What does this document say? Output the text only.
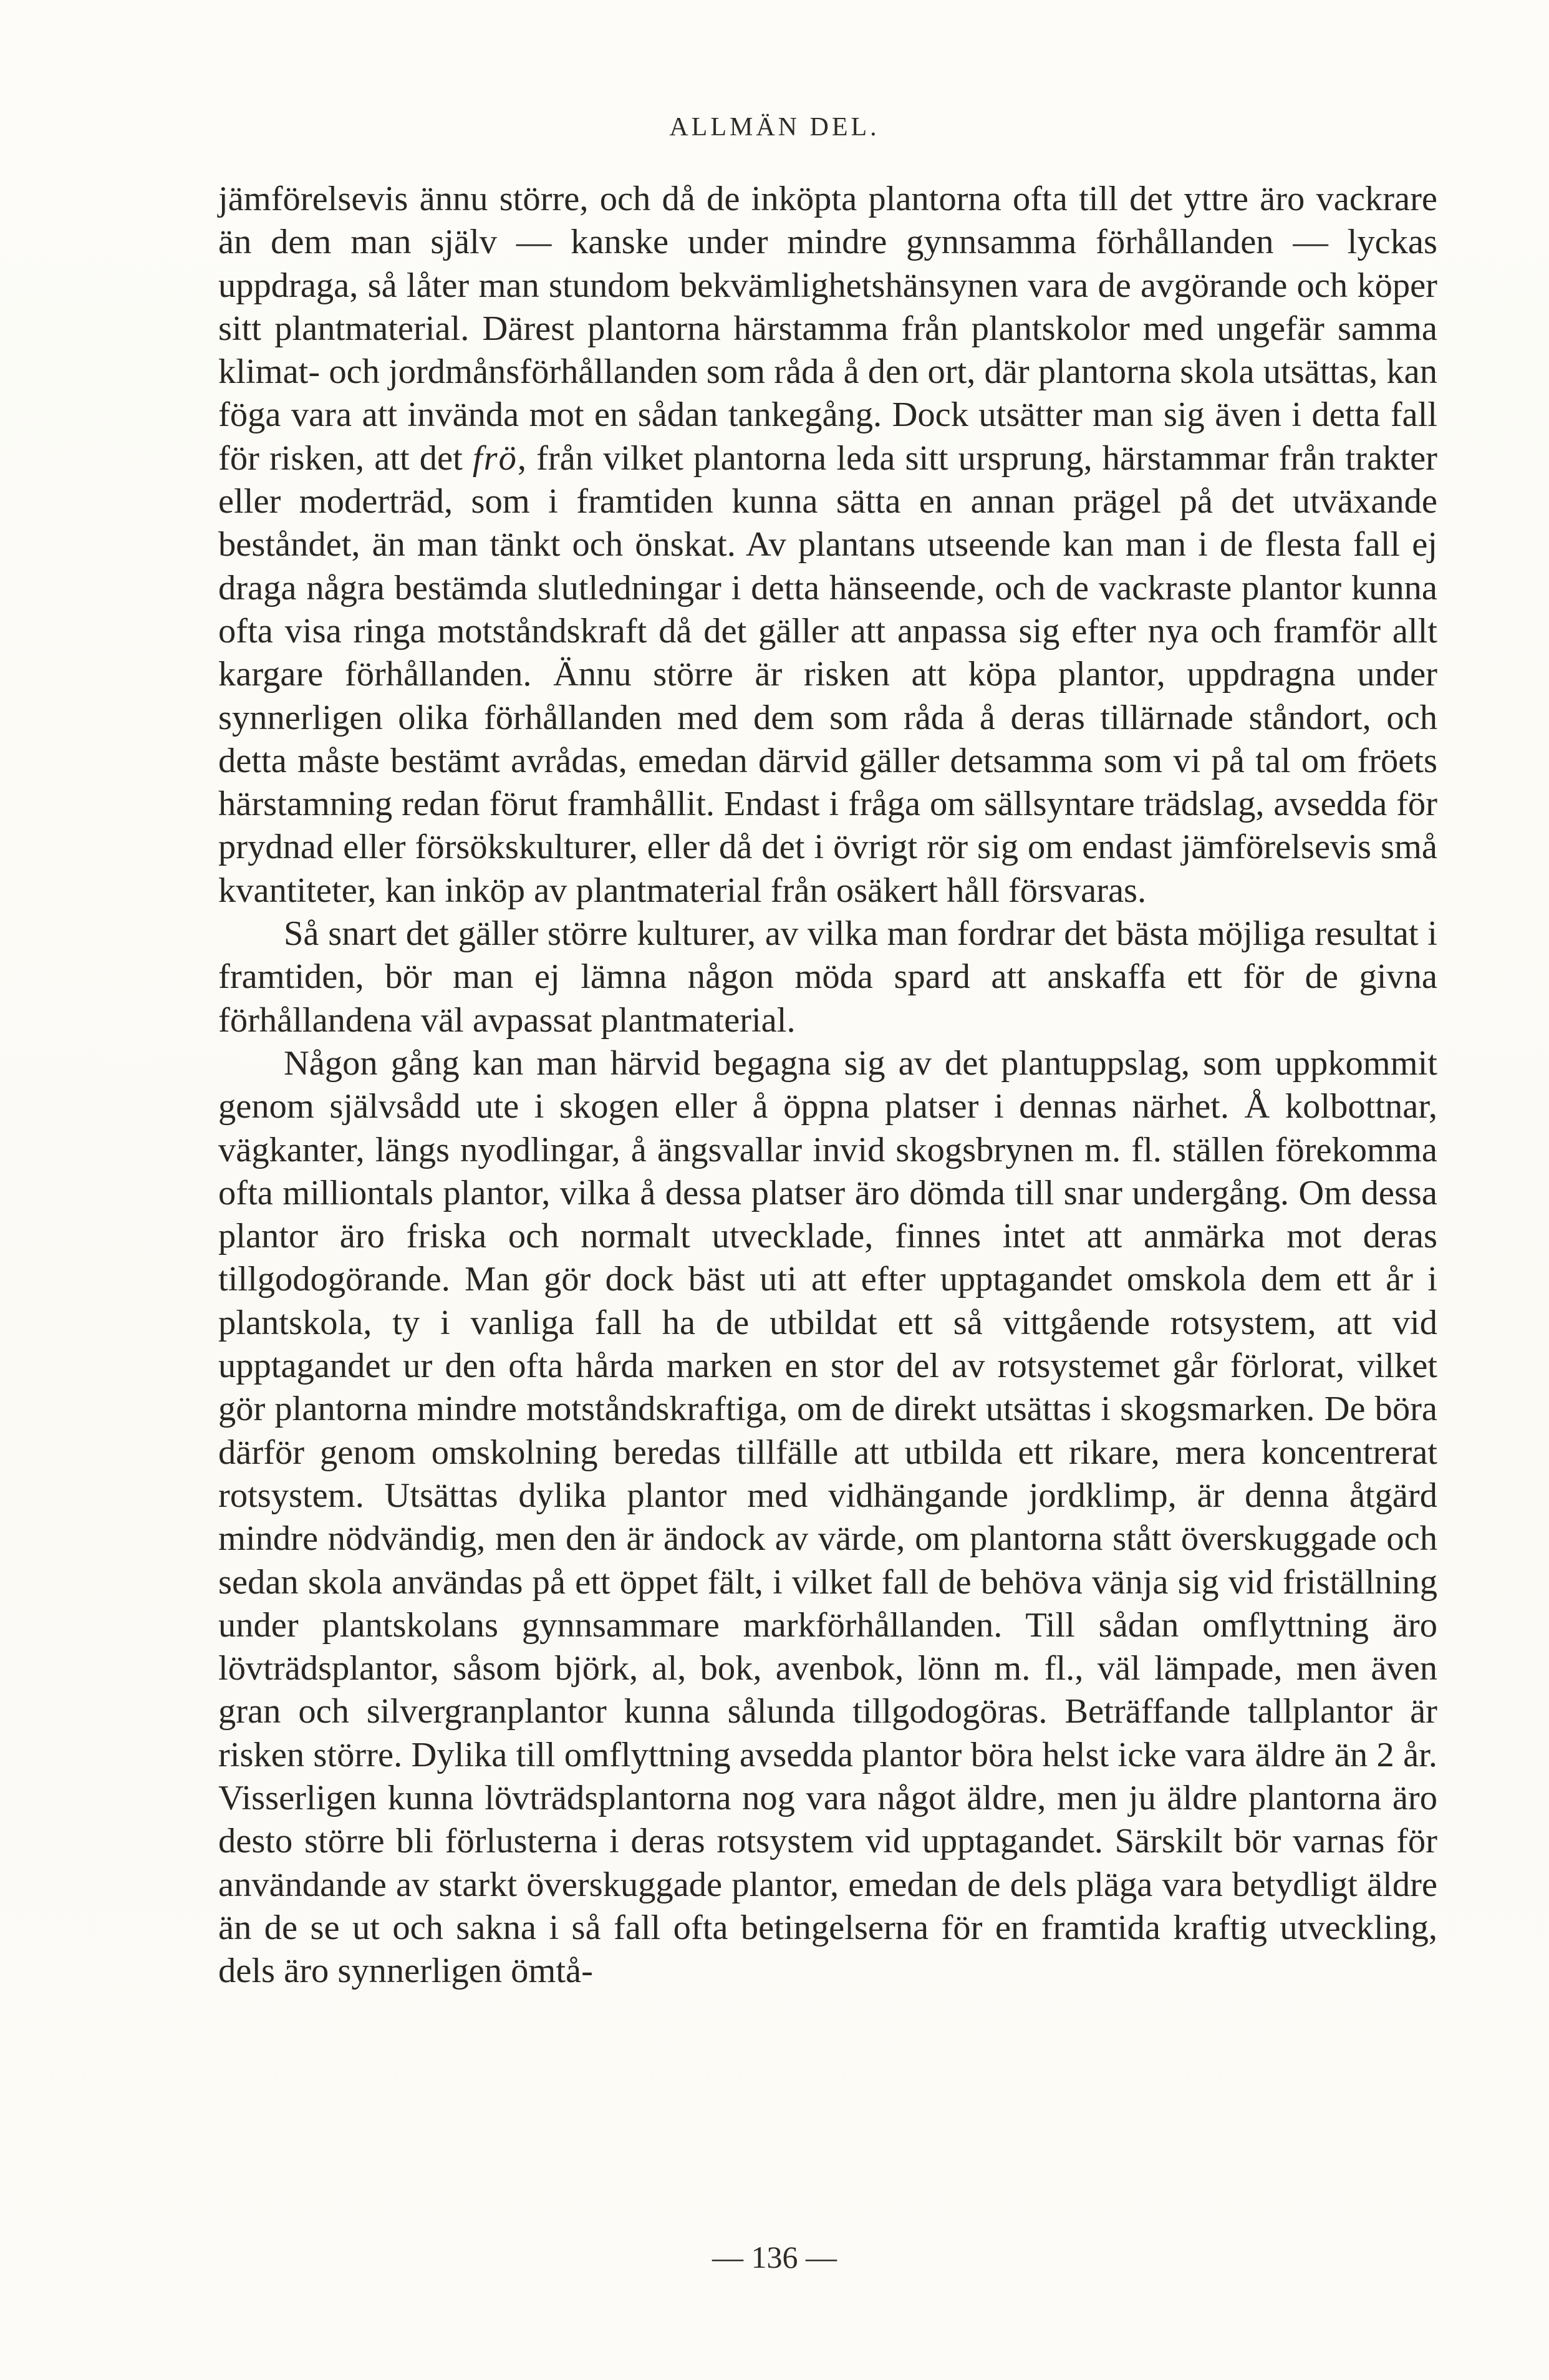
ALLMÄN DEL.

jämförelsevis ännu större, och då de inköpta plantorna ofta till det yttre äro vackrare än dem man själv — kanske under mindre gynnsamma förhållanden — lyckas uppdraga, så låter man stundom bekvämlighetshänsynen vara de avgörande och köper sitt plantmaterial. Därest plantorna härstamma från plantskolor med ungefär samma klimat- och jordmånsförhållanden som råda å den ort, där plantorna skola utsättas, kan föga vara att invända mot en sådan tankegång. Dock utsätter man sig även i detta fall för risken, att det frö, från vilket plantorna leda sitt ursprung, härstammar från trakter eller moderträd, som i framtiden kunna sätta en annan prägel på det utväxande beståndet, än man tänkt och önskat. Av plantans utseende kan man i de flesta fall ej draga några bestämda slutledningar i detta hänseende, och de vackraste plantor kunna ofta visa ringa motståndskraft då det gäller att anpassa sig efter nya och framför allt kargare förhållanden. Ännu större är risken att köpa plantor, uppdragna under synnerligen olika förhållanden med dem som råda å deras tillärnade ståndort, och detta måste bestämt avrådas, emedan därvid gäller detsamma som vi på tal om fröets härstamning redan förut framhållit. Endast i fråga om sällsyntare trädslag, avsedda för prydnad eller försökskulturer, eller då det i övrigt rör sig om endast jämförelsevis små kvantiteter, kan inköp av plantmaterial från osäkert håll försvaras.

Så snart det gäller större kulturer, av vilka man fordrar det bästa möjliga resultat i framtiden, bör man ej lämna någon möda spard att anskaffa ett för de givna förhållandena väl avpassat plantmaterial.

Någon gång kan man härvid begagna sig av det plantuppslag, som uppkommit genom självsådd ute i skogen eller å öppna platser i dennas närhet. Å kolbottnar, vägkanter, längs nyodlingar, å ängsvallar invid skogsbrynen m. fl. ställen förekomma ofta milliontals plantor, vilka å dessa platser äro dömda till snar undergång. Om dessa plantor äro friska och normalt utvecklade, finnes intet att anmärka mot deras tillgodogörande. Man gör dock bäst uti att efter upptagandet omskola dem ett år i plantskola, ty i vanliga fall ha de utbildat ett så vittgående rotsystem, att vid upptagandet ur den ofta hårda marken en stor del av rotsystemet går förlorat, vilket gör plantorna mindre motståndskraftiga, om de direkt utsättas i skogsmarken. De böra därför genom omskolning beredas tillfälle att utbilda ett rikare, mera koncentrerat rotsystem. Utsättas dylika plantor med vidhängande jordklimp, är denna åtgärd mindre nödvändig, men den är ändock av värde, om plantorna stått överskuggade och sedan skola användas på ett öppet fält, i vilket fall de behöva vänja sig vid friställning under plantskolans gynnsammare markförhållanden. Till sådan omflyttning äro lövträdsplantor, såsom björk, al, bok, avenbok, lönn m. fl., väl lämpade, men även gran och silvergranplantor kunna sålunda tillgodogöras. Beträffande tallplantor är risken större. Dylika till omflyttning avsedda plantor böra helst icke vara äldre än 2 år. Visserligen kunna lövträdsplantorna nog vara något äldre, men ju äldre plantorna äro desto större bli förlusterna i deras rotsystem vid upptagandet. Särskilt bör varnas för användande av starkt överskuggade plantor, emedan de dels pläga vara betydligt äldre än de se ut och sakna i så fall ofta betingelserna för en framtida kraftig utveckling, dels äro synnerligen ömtå-

— 136 —
